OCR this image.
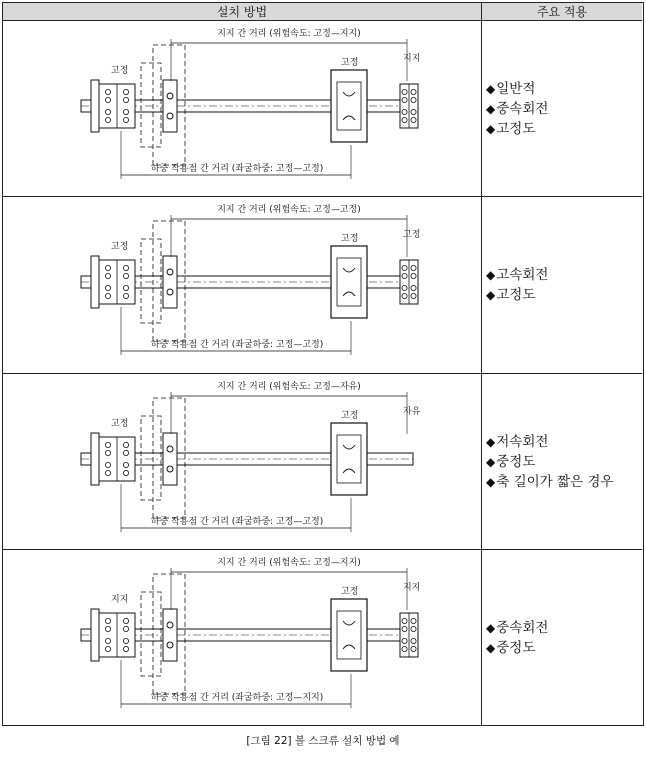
설치 방법	주요 적용
지지 간 거리 (위험속도: 고정—지지)
하중 작용점 간 거리 (좌굴하중: 고정—고정)
고정
고정	지지
◆일반적
◆중속회전
◆고정도
지지 간 거리 (위험속도: 고정—고정)
하중 작용점 간 거리 (좌굴하중: 고정—고정)
고정
고정	고정
◆고속회전
◆고정도
지지 간 거리 (위험속도: 고정—자유)
하중 작용점 간 거리 (좌굴하중: 고정—고정)
고정
고정	자유
◆저속회전
◆중정도
◆축 길이가 짧은 경우
지지 간 거리 (위험속도: 고정—지지)
하중 작용점 간 거리 (좌굴하중: 고정—지지)
지지
고정	지지
◆중속회전
◆중정도
[그림 22] 볼 스크류 설치 방법 예
